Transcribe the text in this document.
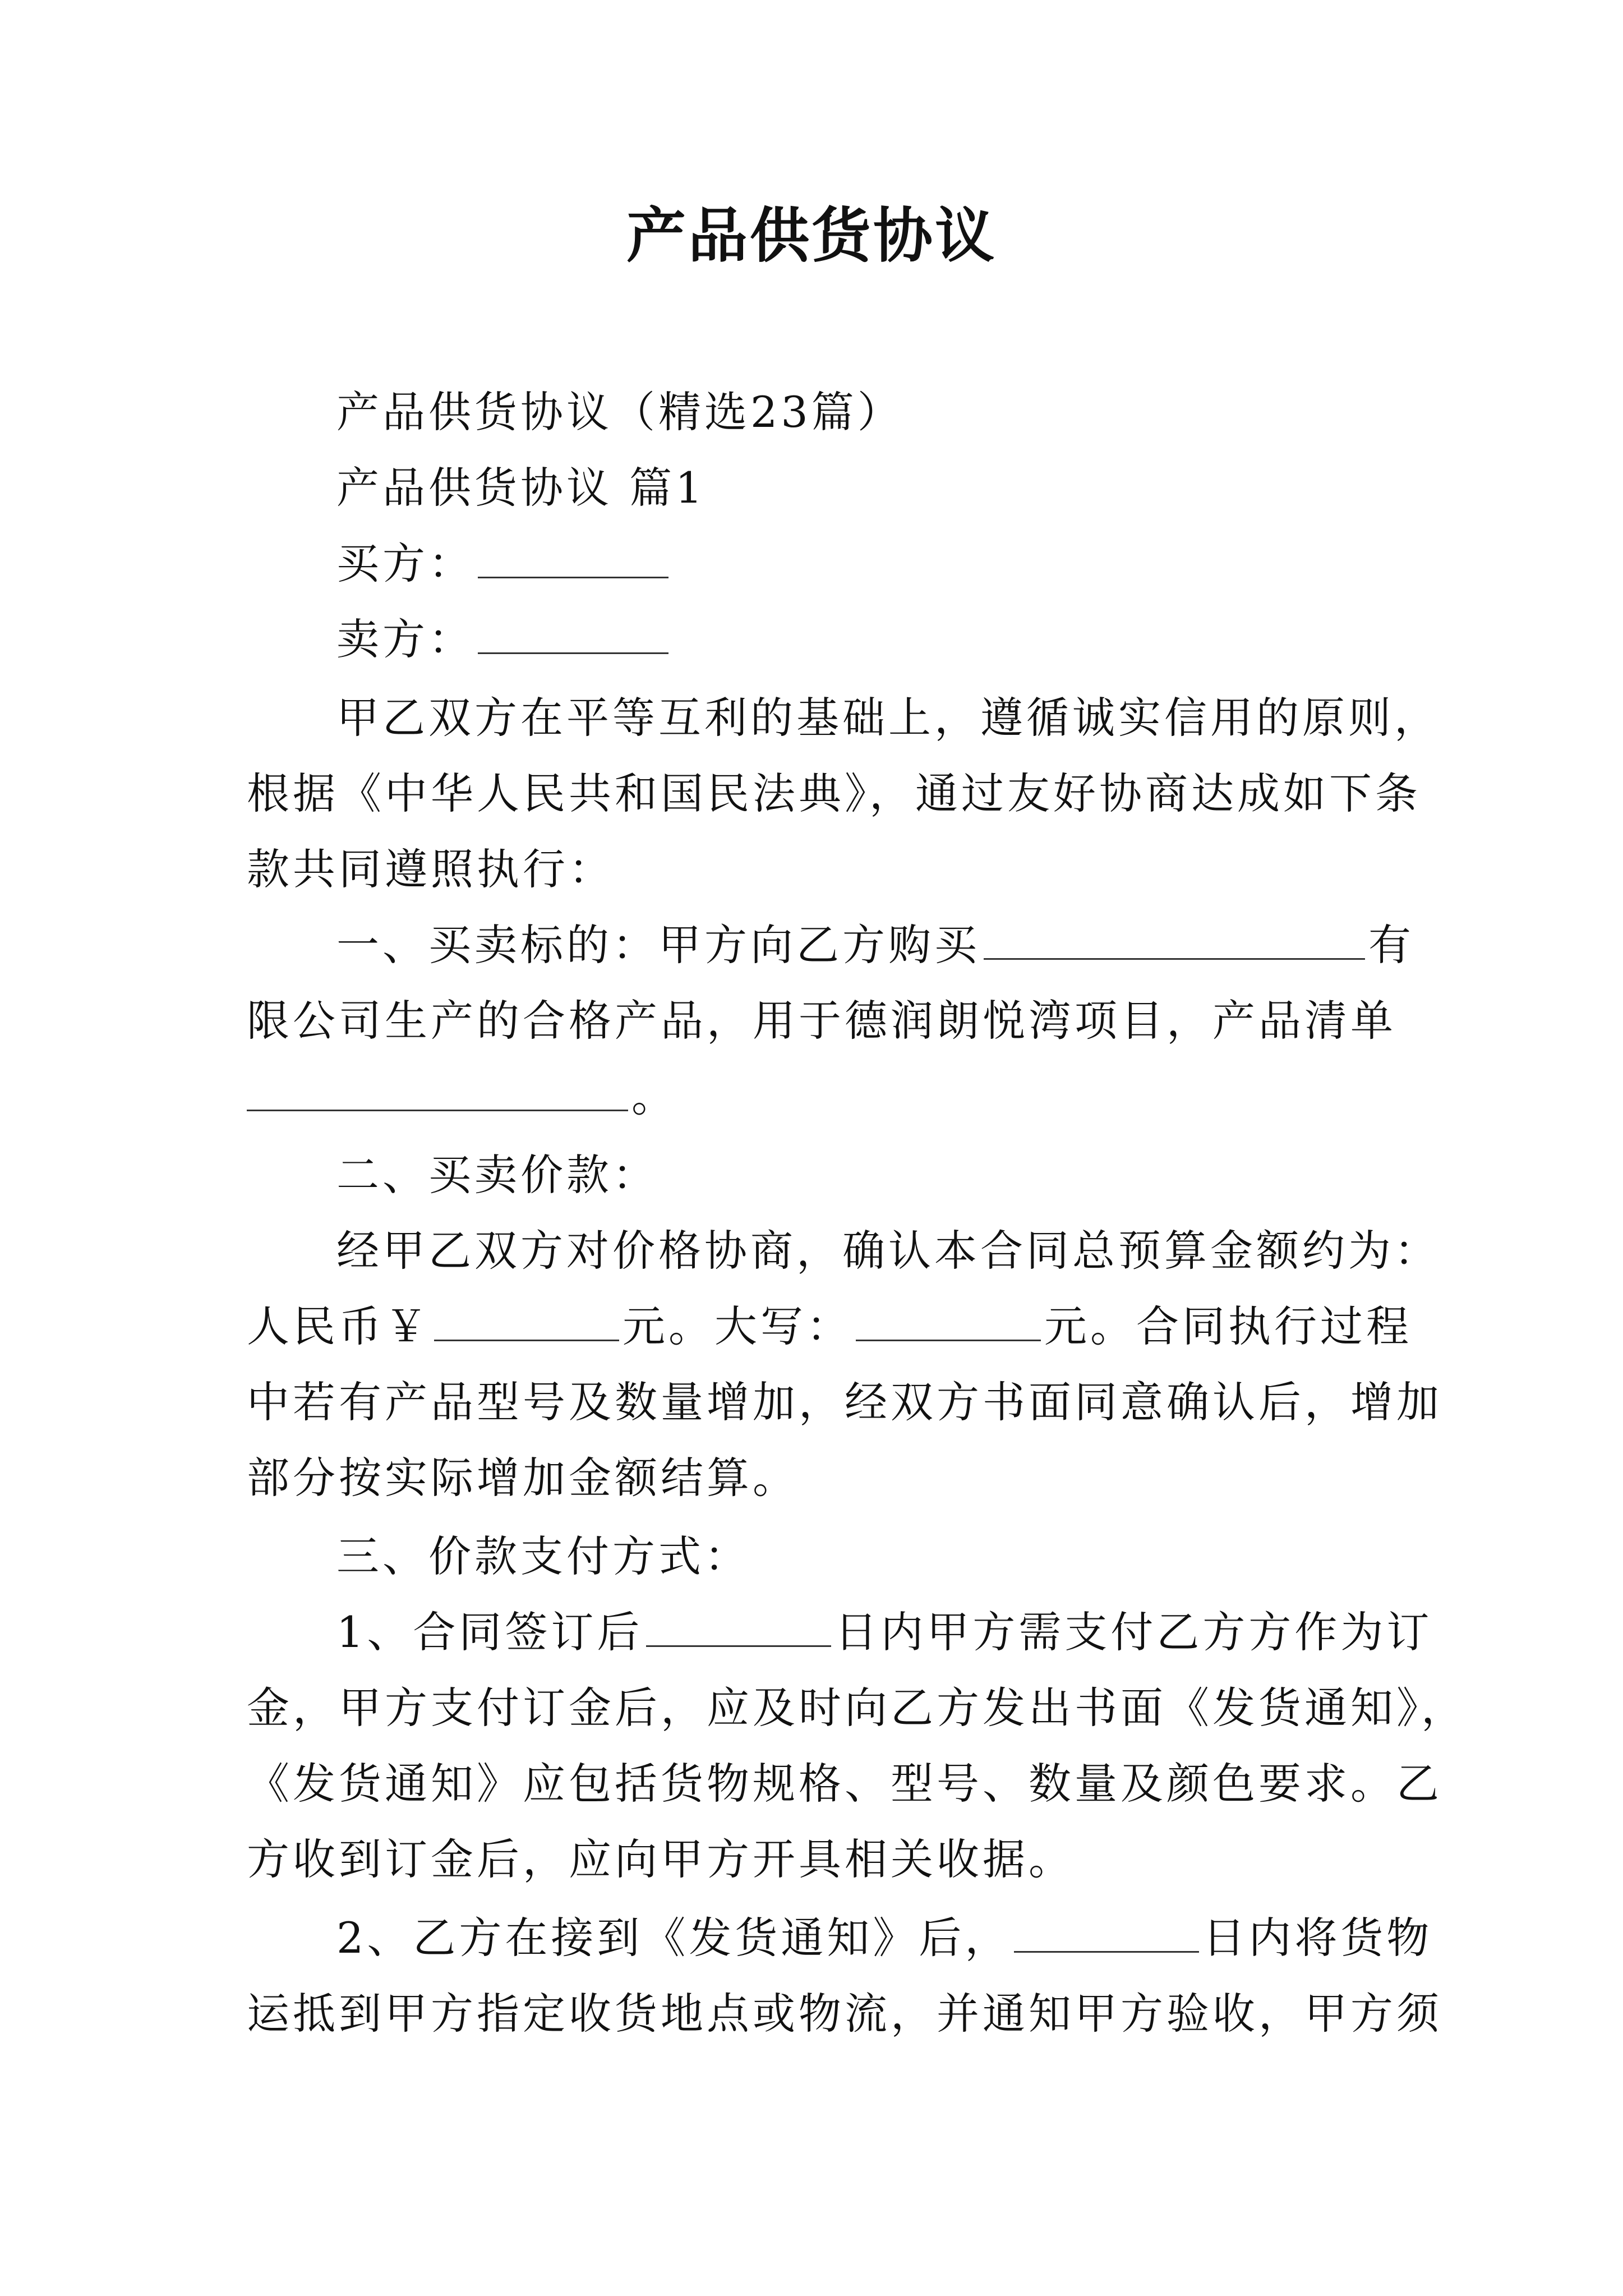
产品供货协议
产品供货协议（精选23篇）
产品供货协议 篇1
买方：
卖方：
甲乙双方在平等互利的基础上，遵循诚实信用的原则，
根据《中华人民共和国民法典》，通过友好协商达成如下条
款共同遵照执行：
一、买卖标的：甲方向乙方购买	有
限公司生产的合格产品，用于德润朗悦湾项目，产品清单
。
二、买卖价款：
经甲乙双方对价格协商，确认本合同总预算金额约为：
人民币￥	元。大写：	元。合同执行过程
中若有产品型号及数量增加，经双方书面同意确认后，增加
部分按实际增加金额结算。
三、价款支付方式：
1、合同签订后	日内甲方需支付乙方方作为订
金，甲方支付订金后，应及时向乙方发出书面《发货通知》，
《发货通知》应包括货物规格、型号、数量及颜色要求。乙
方收到订金后，应向甲方开具相关收据。
2、乙方在接到《发货通知》后，	日内将货物
运抵到甲方指定收货地点或物流，并通知甲方验收，甲方须
